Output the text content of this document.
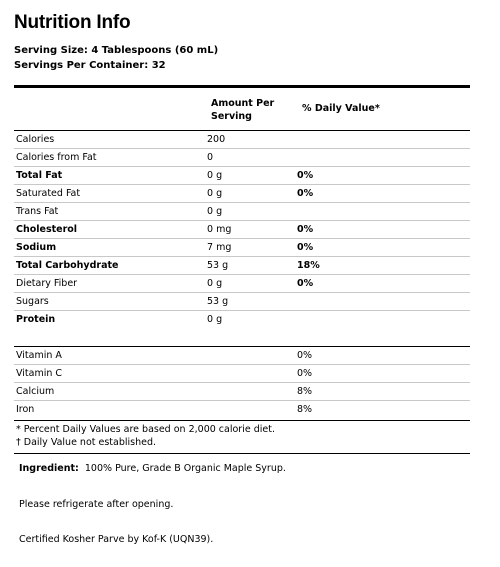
Nutrition Info
Serving Size: 4 Tablespoons (60 mL)
Servings Per Container: 32
Amount Per Serving
% Daily Value*
Calories	200
Calories from Fat	0
Total Fat	0 g	0%
Saturated Fat	0 g	0%
Trans Fat	0 g
Cholesterol	0 mg	0%
Sodium	7 mg	0%
Total Carbohydrate	53 g	18%
Dietary Fiber	0 g	0%
Sugars	53 g
Protein	0 g
Vitamin A	0%
Vitamin C	0%
Calcium	8%
Iron	8%
* Percent Daily Values are based on 2,000 calorie diet.
† Daily Value not established.
Ingredient: 100% Pure, Grade B Organic Maple Syrup.
Please refrigerate after opening.
Certified Kosher Parve by Kof-K (UQN39).
